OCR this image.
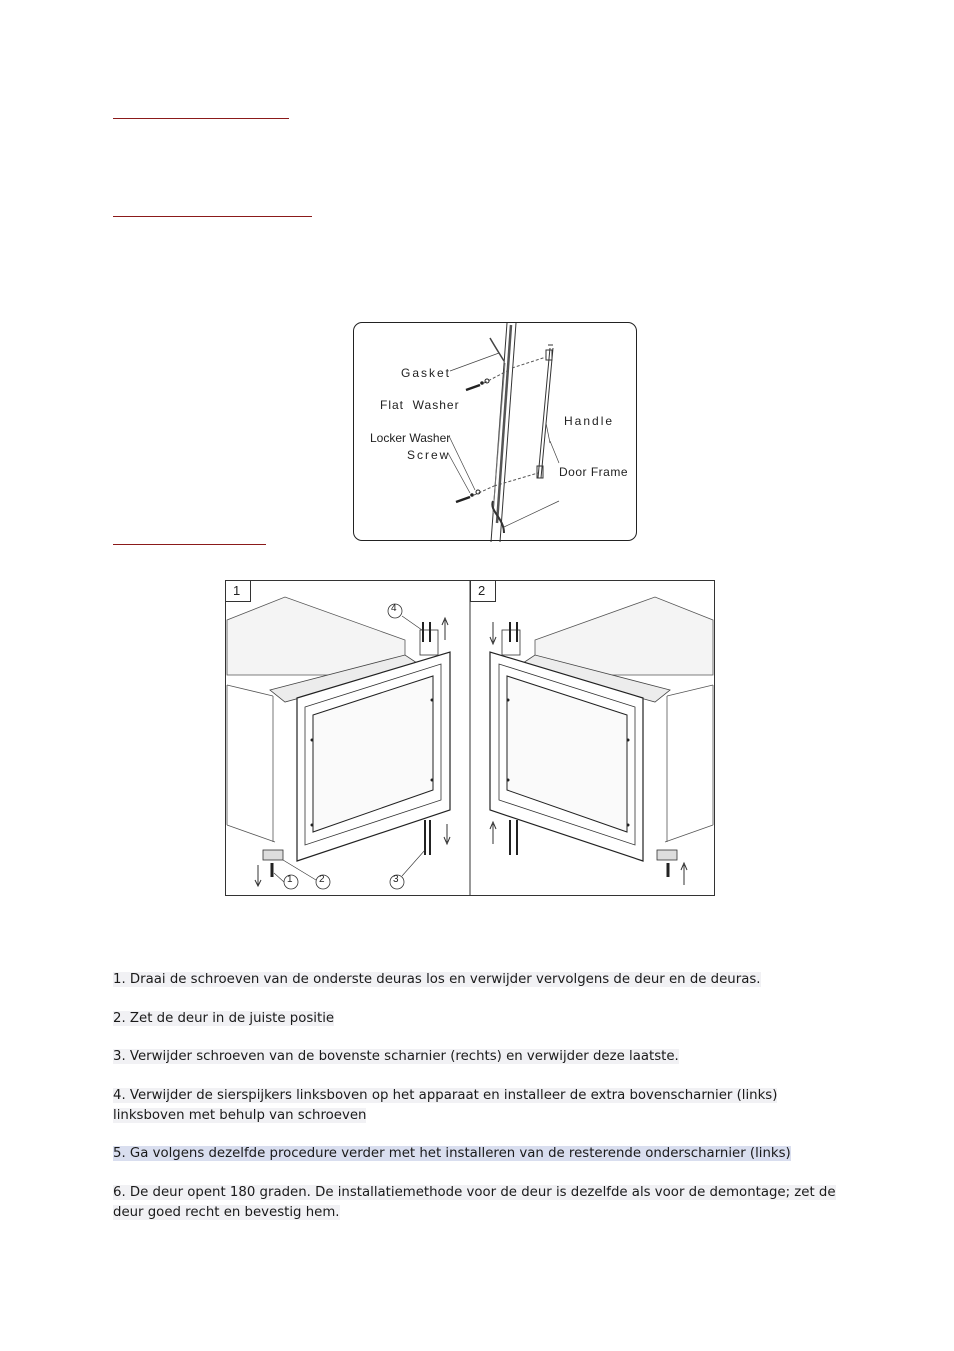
Gasket
Flat  Washer
Locker Washer
Screw
Handle
Door Frame
1	2
1	2	3
4
1. Draai de schroeven van de onderste deuras los en verwijder vervolgens de deur en de deuras.
2. Zet de deur in de juiste positie
3. Verwijder schroeven van de bovenste scharnier (rechts) en verwijder deze laatste.
4. Verwijder de sierspijkers linksboven op het apparaat en installeer de extra bovenscharnier (links) linksboven met behulp van schroeven
5. Ga volgens dezelfde procedure verder met het installeren van de resterende onderscharnier (links)
6. De deur opent 180 graden. De installatiemethode voor de deur is dezelfde als voor de demontage; zet de deur goed recht en bevestig hem.
